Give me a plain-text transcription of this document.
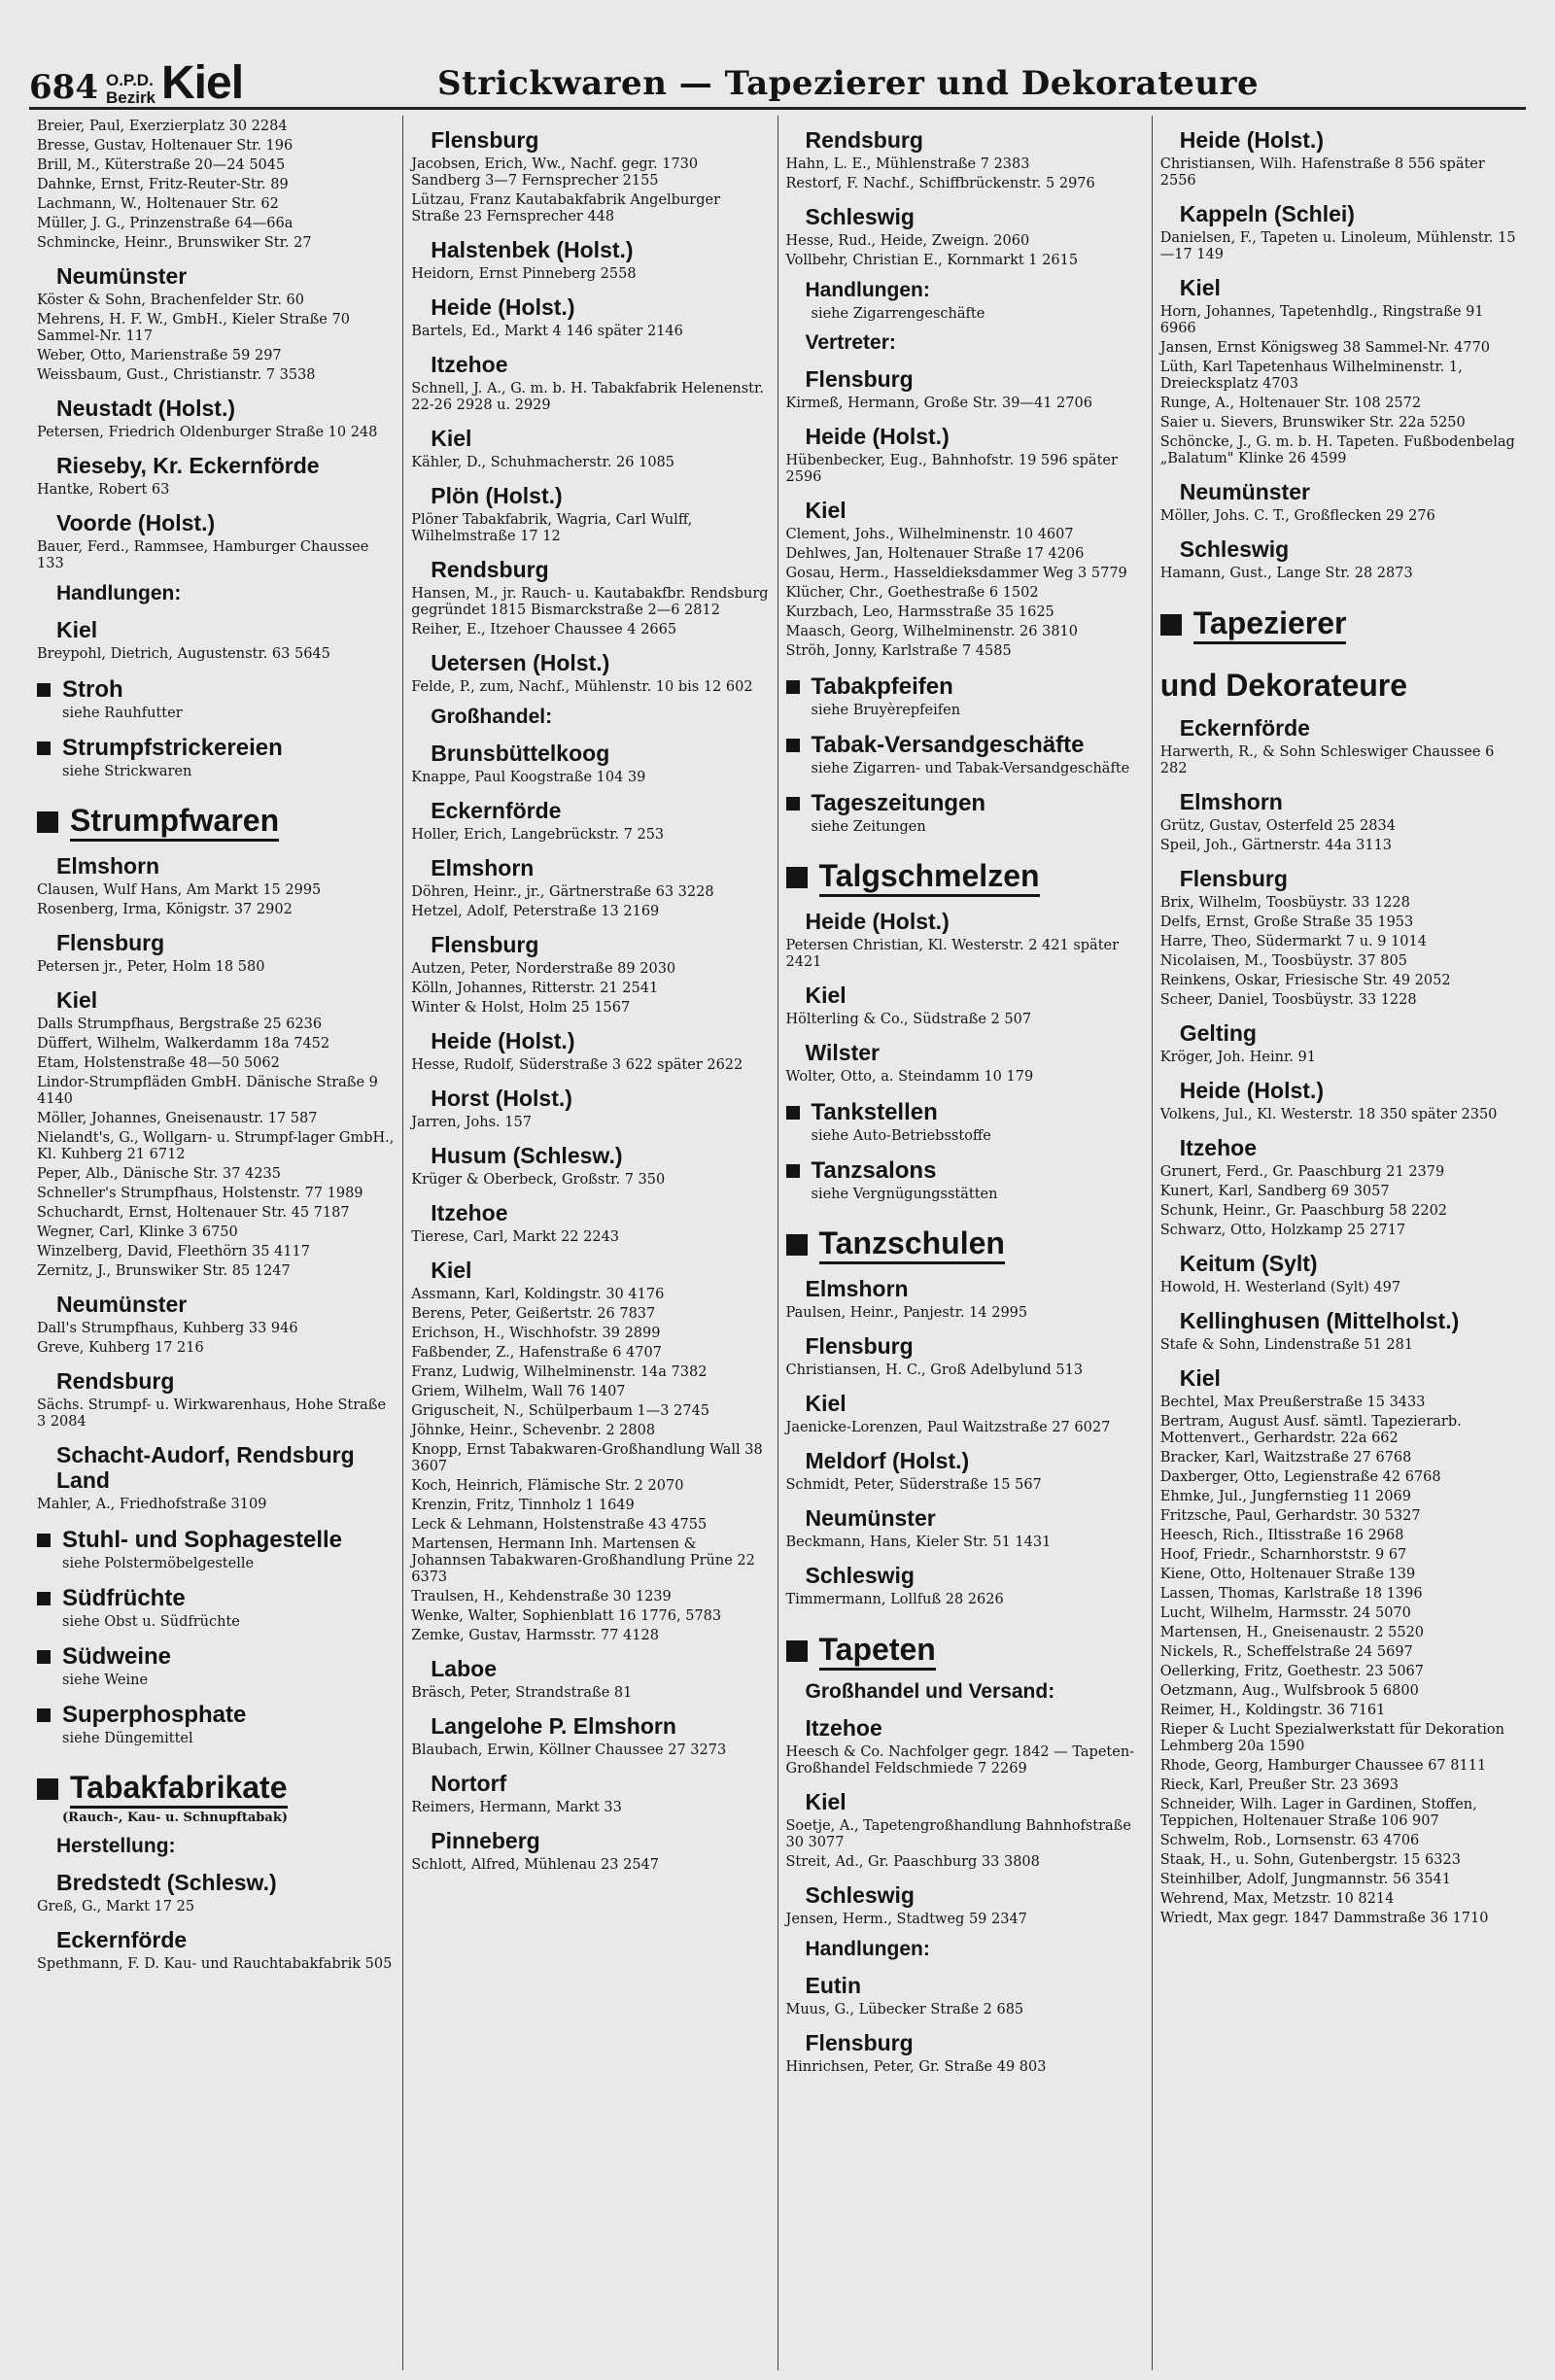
684 O.P.D.
Bezirk Kiel	Strickwaren — Tapezierer und Dekorateure
Breier, Paul, Exerzierplatz 30 2284
Bresse, Gustav, Holtenauer Str. 196
Brill, M., Küterstraße 20—24 5045
Dahnke, Ernst, Fritz-Reuter-Str. 89
Lachmann, W., Holtenauer Str. 62
Müller, J. G., Prinzenstraße 64—66a
Schmincke, Heinr., Brunswiker Str. 27
Neumünster
Köster & Sohn, Brachenfelder Str. 60
Mehrens, H. F. W., GmbH., Kieler Straße 70 Sammel-Nr. 117
Weber, Otto, Marienstraße 59 297
Weissbaum, Gust., Christianstr. 7 3538
Neustadt (Holst.)
Petersen, Friedrich Oldenburger Straße 10 248
Rieseby, Kr. Eckernförde
Hantke, Robert 63
Voorde (Holst.)
Bauer, Ferd., Rammsee, Hamburger Chaussee 133
Handlungen:
Kiel
Breypohl, Dietrich, Augustenstr. 63 5645
Stroh
siehe Rauhfutter
Strumpfstrickereien
siehe Strickwaren
Strumpfwaren
Elmshorn
Clausen, Wulf Hans, Am Markt 15 2995
Rosenberg, Irma, Königstr. 37 2902
Flensburg
Petersen jr., Peter, Holm 18 580
Kiel
Dalls Strumpfhaus, Bergstraße 25 6236
Düffert, Wilhelm, Walkerdamm 18a 7452
Etam, Holstenstraße 48—50 5062
Lindor-Strumpfläden GmbH. Dänische Straße 9 4140
Möller, Johannes, Gneisenaustr. 17 587
Nielandt's, G., Wollgarn- u. Strumpf-lager GmbH., Kl. Kuhberg 21 6712
Peper, Alb., Dänische Str. 37 4235
Schneller's Strumpfhaus, Holstenstr. 77 1989
Schuchardt, Ernst, Holtenauer Str. 45 7187
Wegner, Carl, Klinke 3 6750
Winzelberg, David, Fleethörn 35 4117
Zernitz, J., Brunswiker Str. 85 1247
Neumünster
Dall's Strumpfhaus, Kuhberg 33 946
Greve, Kuhberg 17 216
Rendsburg
Sächs. Strumpf- u. Wirkwarenhaus, Hohe Straße 3 2084
Schacht-Audorf, Rendsburg Land
Mahler, A., Friedhofstraße 3109
Stuhl- und Sophagestelle
siehe Polstermöbelgestelle
Südfrüchte
siehe Obst u. Südfrüchte
Südweine
siehe Weine
Superphosphate
siehe Düngemittel
Tabakfabrikate
(Rauch-, Kau- u. Schnupftabak)
Herstellung:
Bredstedt (Schlesw.)
Greß, G., Markt 17 25
Eckernförde
Spethmann, F. D. Kau- und Rauchtabakfabrik 505
Flensburg
Jacobsen, Erich, Ww., Nachf. gegr. 1730 Sandberg 3—7 Fernsprecher 2155
Lützau, Franz Kautabakfabrik Angelburger Straße 23 Fernsprecher 448
Halstenbek (Holst.)
Heidorn, Ernst Pinneberg 2558
Heide (Holst.)
Bartels, Ed., Markt 4 146 später 2146
Itzehoe
Schnell, J. A., G. m. b. H. Tabakfabrik Helenenstr. 22-26 2928 u. 2929
Kiel
Kähler, D., Schuhmacherstr. 26 1085
Plön (Holst.)
Plöner Tabakfabrik, Wagria, Carl Wulff, Wilhelmstraße 17 12
Rendsburg
Hansen, M., jr. Rauch- u. Kautabakfbr. Rendsburg gegründet 1815 Bismarckstraße 2—6 2812
Reiher, E., Itzehoer Chaussee 4 2665
Uetersen (Holst.)
Felde, P., zum, Nachf., Mühlenstr. 10 bis 12 602
Großhandel:
Brunsbüttelkoog
Knappe, Paul Koogstraße 104 39
Eckernförde
Holler, Erich, Langebrückstr. 7 253
Elmshorn
Döhren, Heinr., jr., Gärtnerstraße 63 3228
Hetzel, Adolf, Peterstraße 13 2169
Flensburg
Autzen, Peter, Norderstraße 89 2030
Kölln, Johannes, Ritterstr. 21 2541
Winter & Holst, Holm 25 1567
Heide (Holst.)
Hesse, Rudolf, Süderstraße 3 622 später 2622
Horst (Holst.)
Jarren, Johs. 157
Husum (Schlesw.)
Krüger & Oberbeck, Großstr. 7 350
Itzehoe
Tierese, Carl, Markt 22 2243
Kiel
Assmann, Karl, Koldingstr. 30 4176
Berens, Peter, Geißertstr. 26 7837
Erichson, H., Wischhofstr. 39 2899
Faßbender, Z., Hafenstraße 6 4707
Franz, Ludwig, Wilhelminenstr. 14a 7382
Griem, Wilhelm, Wall 76 1407
Griguscheit, N., Schülperbaum 1—3 2745
Jöhnke, Heinr., Schevenbr. 2 2808
Knopp, Ernst Tabakwaren-Großhandlung Wall 38 3607
Koch, Heinrich, Flämische Str. 2 2070
Krenzin, Fritz, Tinnholz 1 1649
Leck & Lehmann, Holstenstraße 43 4755
Martensen, Hermann Inh. Martensen & Johannsen Tabakwaren-Großhandlung Prüne 22 6373
Traulsen, H., Kehdenstraße 30 1239
Wenke, Walter, Sophienblatt 16 1776, 5783
Zemke, Gustav, Harmsstr. 77 4128
Laboe
Bräsch, Peter, Strandstraße 81
Langelohe P. Elmshorn
Blaubach, Erwin, Köllner Chaussee 27 3273
Nortorf
Reimers, Hermann, Markt 33
Pinneberg
Schlott, Alfred, Mühlenau 23 2547
Rendsburg
Hahn, L. E., Mühlenstraße 7 2383
Restorf, F. Nachf., Schiffbrückenstr. 5 2976
Schleswig
Hesse, Rud., Heide, Zweign. 2060
Vollbehr, Christian E., Kornmarkt 1 2615
Handlungen:
siehe Zigarrengeschäfte
Vertreter:
Flensburg
Kirmeß, Hermann, Große Str. 39—41 2706
Heide (Holst.)
Hübenbecker, Eug., Bahnhofstr. 19 596 später 2596
Kiel
Clement, Johs., Wilhelminenstr. 10 4607
Dehlwes, Jan, Holtenauer Straße 17 4206
Gosau, Herm., Hasseldieksdammer Weg 3 5779
Klücher, Chr., Goethestraße 6 1502
Kurzbach, Leo, Harmsstraße 35 1625
Maasch, Georg, Wilhelminenstr. 26 3810
Ströh, Jonny, Karlstraße 7 4585
Tabakpfeifen
siehe Bruyèrepfeifen
Tabak-Versandgeschäfte
siehe Zigarren- und Tabak-Versandgeschäfte
Tageszeitungen
siehe Zeitungen
Talgschmelzen
Heide (Holst.)
Petersen Christian, Kl. Westerstr. 2 421 später 2421
Kiel
Hölterling & Co., Südstraße 2 507
Wilster
Wolter, Otto, a. Steindamm 10 179
Tankstellen
siehe Auto-Betriebsstoffe
Tanzsalons
siehe Vergnügungsstätten
Tanzschulen
Elmshorn
Paulsen, Heinr., Panjestr. 14 2995
Flensburg
Christiansen, H. C., Groß Adelbylund 513
Kiel
Jaenicke-Lorenzen, Paul Waitzstraße 27 6027
Meldorf (Holst.)
Schmidt, Peter, Süderstraße 15 567
Neumünster
Beckmann, Hans, Kieler Str. 51 1431
Schleswig
Timmermann, Lollfuß 28 2626
Tapeten
Großhandel und Versand:
Itzehoe
Heesch & Co. Nachfolger gegr. 1842 — Tapeten-Großhandel Feldschmiede 7 2269
Kiel
Soetje, A., Tapetengroßhandlung Bahnhofstraße 30 3077
Streit, Ad., Gr. Paaschburg 33 3808
Schleswig
Jensen, Herm., Stadtweg 59 2347
Handlungen:
Eutin
Muus, G., Lübecker Straße 2 685
Flensburg
Hinrichsen, Peter, Gr. Straße 49 803
Heide (Holst.)
Christiansen, Wilh. Hafenstraße 8 556 später 2556
Kappeln (Schlei)
Danielsen, F., Tapeten u. Linoleum, Mühlenstr. 15—17 149
Kiel
Horn, Johannes, Tapetenhdlg., Ringstraße 91 6966
Jansen, Ernst Königsweg 38 Sammel-Nr. 4770
Lüth, Karl Tapetenhaus Wilhelminenstr. 1, Dreiecksplatz 4703
Runge, A., Holtenauer Str. 108 2572
Saier u. Sievers, Brunswiker Str. 22a 5250
Schöncke, J., G. m. b. H. Tapeten. Fußbodenbelag „Balatum" Klinke 26 4599
Neumünster
Möller, Johs. C. T., Großflecken 29 276
Schleswig
Hamann, Gust., Lange Str. 28 2873
Tapezierer
und Dekorateure
Eckernförde
Harwerth, R., & Sohn Schleswiger Chaussee 6 282
Elmshorn
Grütz, Gustav, Osterfeld 25 2834
Speil, Joh., Gärtnerstr. 44a 3113
Flensburg
Brix, Wilhelm, Toosbüystr. 33 1228
Delfs, Ernst, Große Straße 35 1953
Harre, Theo, Südermarkt 7 u. 9 1014
Nicolaisen, M., Toosbüystr. 37 805
Reinkens, Oskar, Friesische Str. 49 2052
Scheer, Daniel, Toosbüystr. 33 1228
Gelting
Kröger, Joh. Heinr. 91
Heide (Holst.)
Volkens, Jul., Kl. Westerstr. 18 350 später 2350
Itzehoe
Grunert, Ferd., Gr. Paaschburg 21 2379
Kunert, Karl, Sandberg 69 3057
Schunk, Heinr., Gr. Paaschburg 58 2202
Schwarz, Otto, Holzkamp 25 2717
Keitum (Sylt)
Howold, H. Westerland (Sylt) 497
Kellinghusen (Mittelholst.)
Stafe & Sohn, Lindenstraße 51 281
Kiel
Bechtel, Max Preußerstraße 15 3433
Bertram, August Ausf. sämtl. Tapezierarb. Mottenvert., Gerhardstr. 22a 662
Bracker, Karl, Waitzstraße 27 6768
Daxberger, Otto, Legienstraße 42 6768
Ehmke, Jul., Jungfernstieg 11 2069
Fritzsche, Paul, Gerhardstr. 30 5327
Heesch, Rich., Iltisstraße 16 2968
Hoof, Friedr., Scharnhorststr. 9 67
Kiene, Otto, Holtenauer Straße 139
Lassen, Thomas, Karlstraße 18 1396
Lucht, Wilhelm, Harmsstr. 24 5070
Martensen, H., Gneisenaustr. 2 5520
Nickels, R., Scheffelstraße 24 5697
Oellerking, Fritz, Goethestr. 23 5067
Oetzmann, Aug., Wulfsbrook 5 6800
Reimer, H., Koldingstr. 36 7161
Rieper & Lucht Spezialwerkstatt für Dekoration Lehmberg 20a 1590
Rhode, Georg, Hamburger Chaussee 67 8111
Rieck, Karl, Preußer Str. 23 3693
Schneider, Wilh. Lager in Gardinen, Stoffen, Teppichen, Holtenauer Straße 106 907
Schwelm, Rob., Lornsenstr. 63 4706
Staak, H., u. Sohn, Gutenbergstr. 15 6323
Steinhilber, Adolf, Jungmannstr. 56 3541
Wehrend, Max, Metzstr. 10 8214
Wriedt, Max gegr. 1847 Dammstraße 36 1710
